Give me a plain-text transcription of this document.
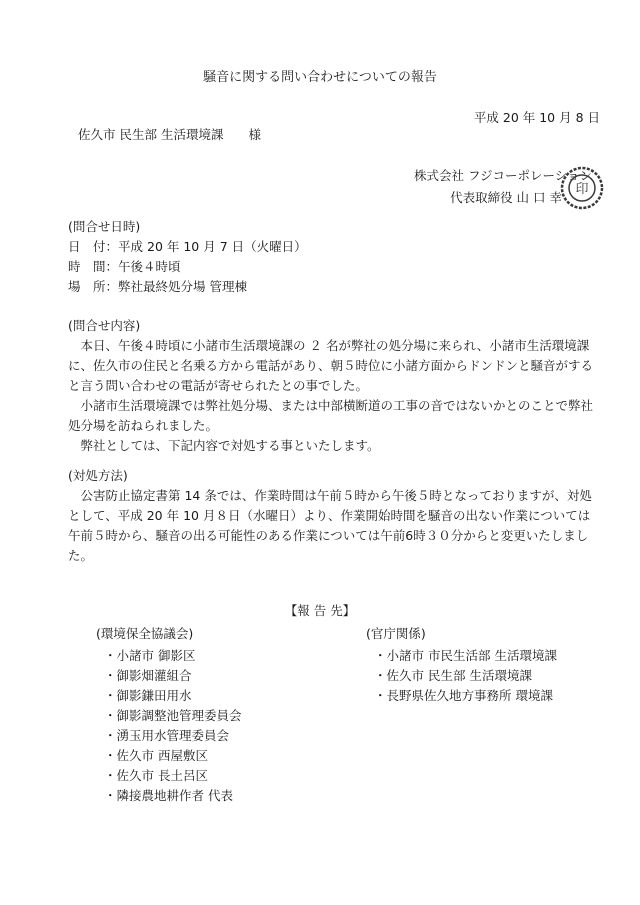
騒音に関する問い合わせについての報告
平成 20 年 10 月 8 日
佐久市 民生部 生活環境課　　様
株式会社 フジコーポレーション
代表取締役 山 口 幸
印
(問合せ日時)
日　付：平成 20 年 10 月 7 日（火曜日）
時　間：午後４時頃
場　所：弊社最終処分場 管理棟
(問合せ内容)

本日、午後４時頃に小諸市生活環境課の ２ 名が弊社の処分場に来られ、小諸市生活環境課に、佐久市の住民と名乗る方から電話があり、朝５時位に小諸方面からドンドンと騒音がすると言う問い合わせの電話が寄せられたとの事でした。

小諸市生活環境課では弊社処分場、または中部横断道の工事の音ではないかとのことで弊社処分場を訪ねられました。

弊社としては、下記内容で対処する事といたします。

(対処方法)

公害防止協定書第 14 条では、作業時間は午前５時から午後５時となっておりますが、対処として、平成 20 年 10 月８日（水曜日）より、作業開始時間を騒音の出ない作業については午前５時から、騒音の出る可能性のある作業については午前6時３０分からと変更いたしました。

【報 告 先】
(環境保全協議会)
・小諸市 御影区
・御影畑灌組合
・御影鎌田用水
・御影調整池管理委員会
・湧玉用水管理委員会
・佐久市 西屋敷区
・佐久市 長土呂区
・隣接農地耕作者 代表
(官庁関係)
・小諸市 市民生活部 生活環境課
・佐久市 民生部 生活環境課
・長野県佐久地方事務所 環境課
